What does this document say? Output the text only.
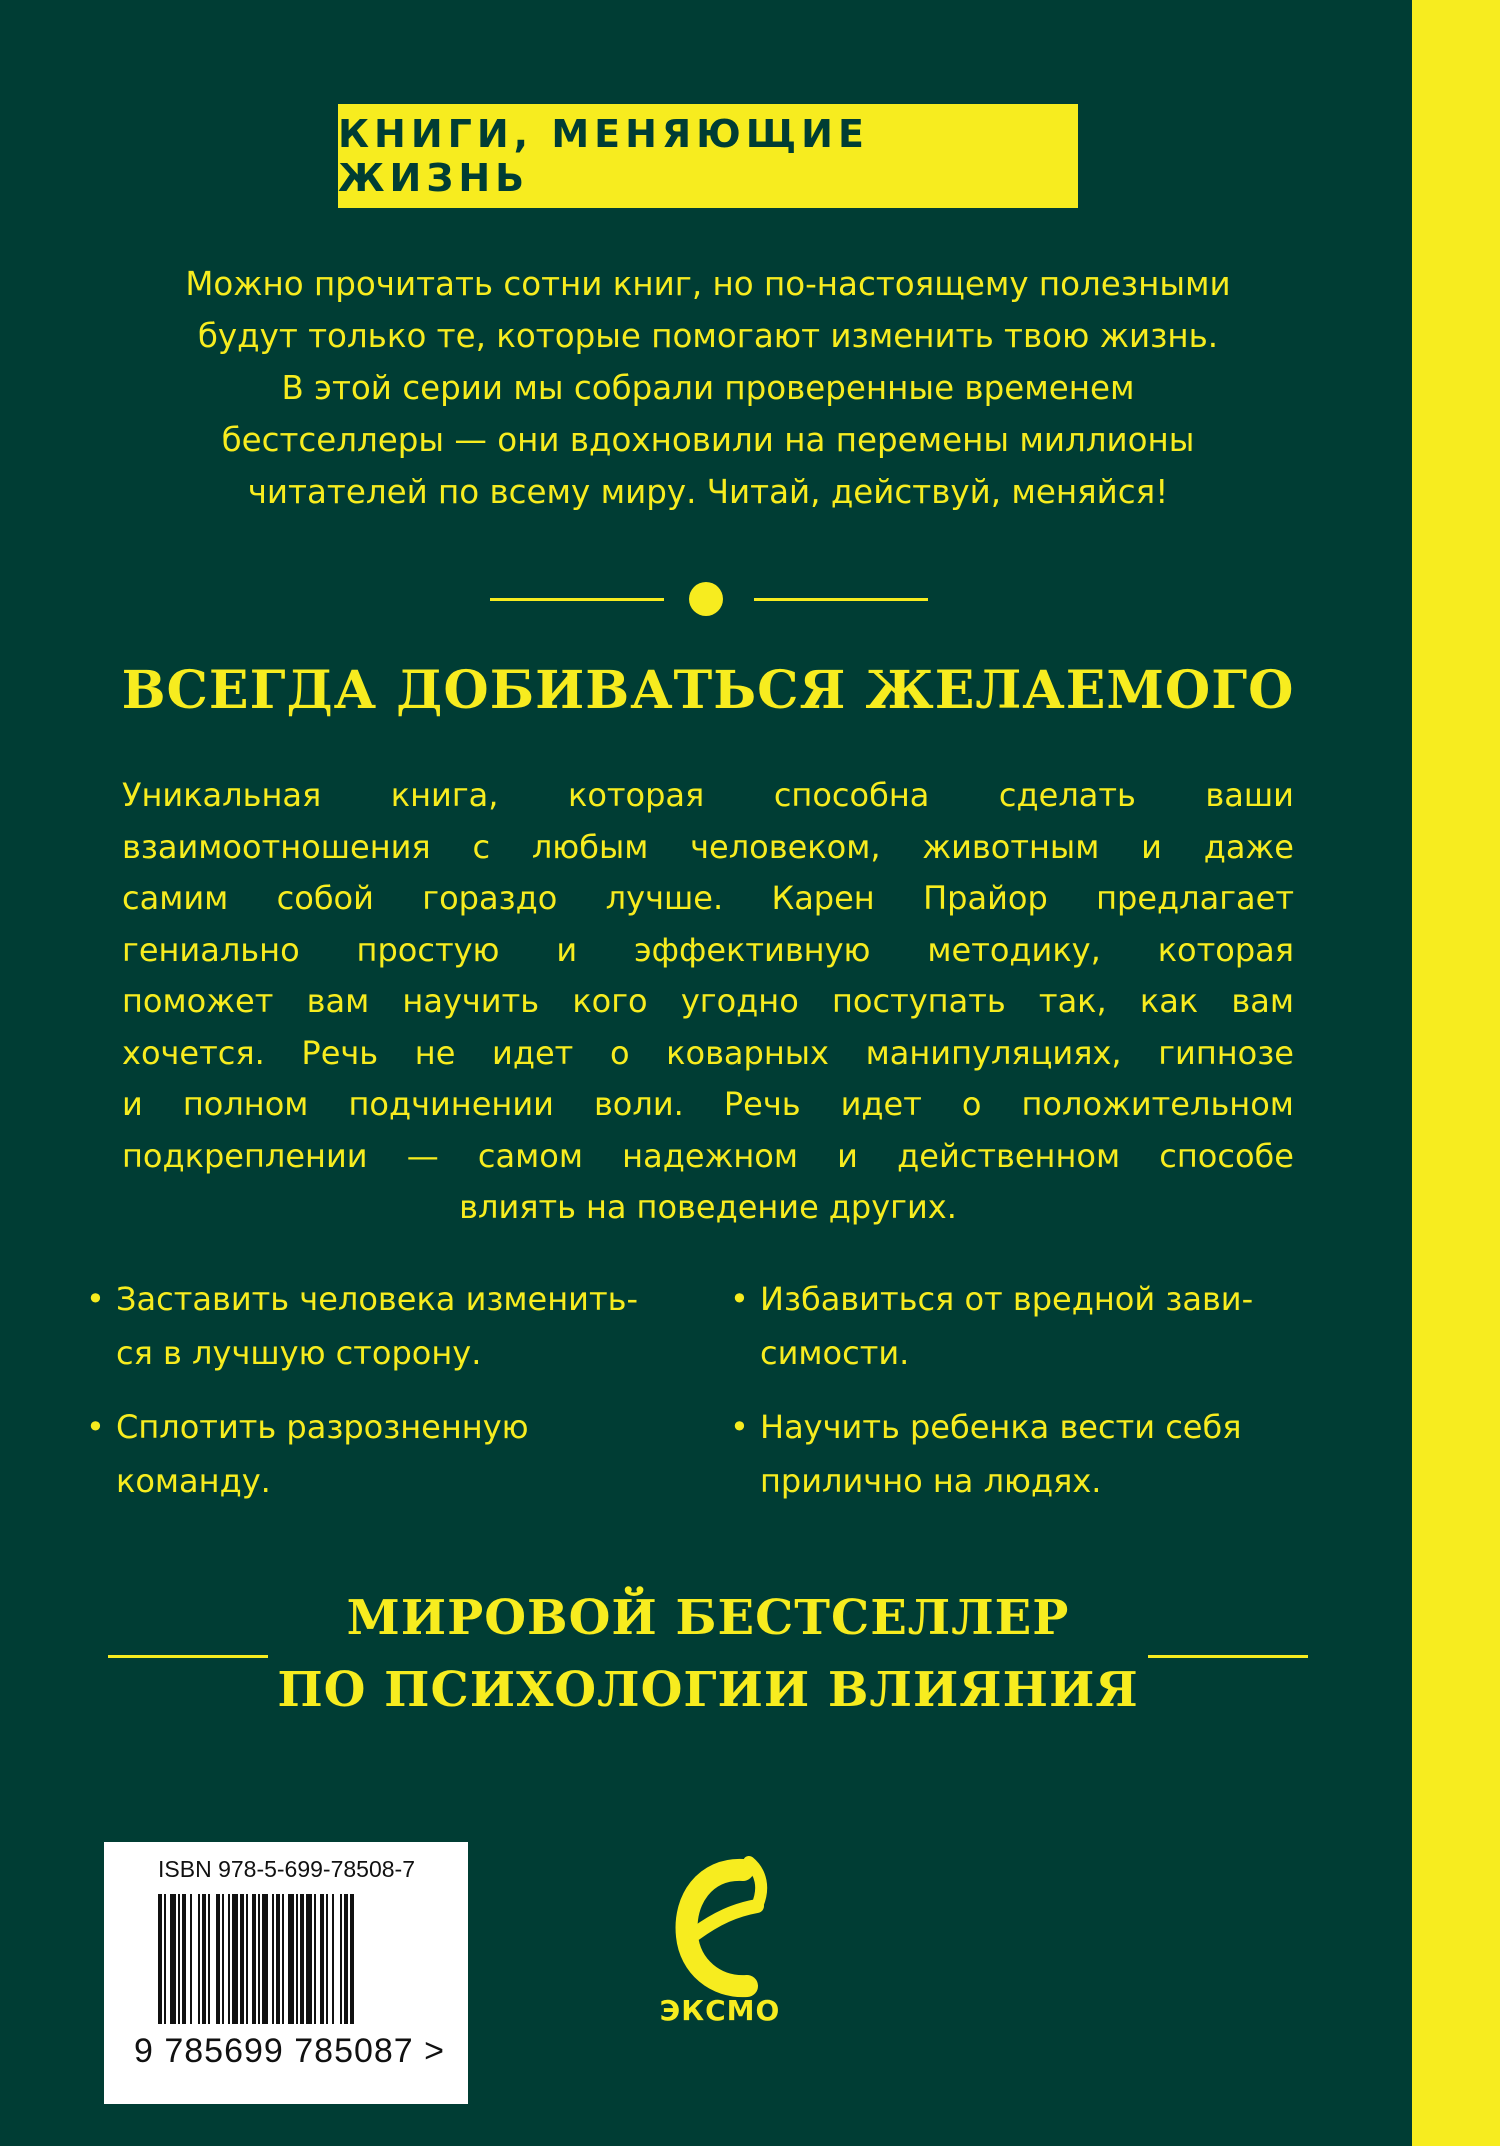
КНИГИ, МЕНЯЮЩИЕ ЖИЗНЬ
Можно прочитать сотни книг, но по-настоящему полезными
будут только те, которые помогают изменить твою жизнь.
В этой серии мы собрали проверенные временем
бестселлеры — они вдохновили на перемены миллионы
читателей по всему миру. Читай, действуй, меняйся!
ВСЕГДА ДОБИВАТЬСЯ ЖЕЛАЕМОГО
Уникальная книга, которая способна сделать ваши
взаимоотношения с любым человеком, животным и даже
самим собой гораздо лучше. Карен Прайор предлагает
гениально простую и эффективную методику, которая
поможет вам научить кого угодно поступать так, как вам
хочется. Речь не идет о коварных манипуляциях, гипнозе
и полном подчинении воли. Речь идет о положительном
подкреплении — самом надежном и действенном способе
влиять на поведение других.
• Заставить человека изменить-
ся в лучшую сторону.
• Сплотить разрозненную
команду.
• Избавиться от вредной зави-
симости.
• Научить ребенка вести себя
прилично на людях.
МИРОВОЙ БЕСТСЕЛЛЕР
ПО ПСИХОЛОГИИ ВЛИЯНИЯ
ISBN 978-5-699-78508-7
9 785699 785087 >
ЭКСМО
